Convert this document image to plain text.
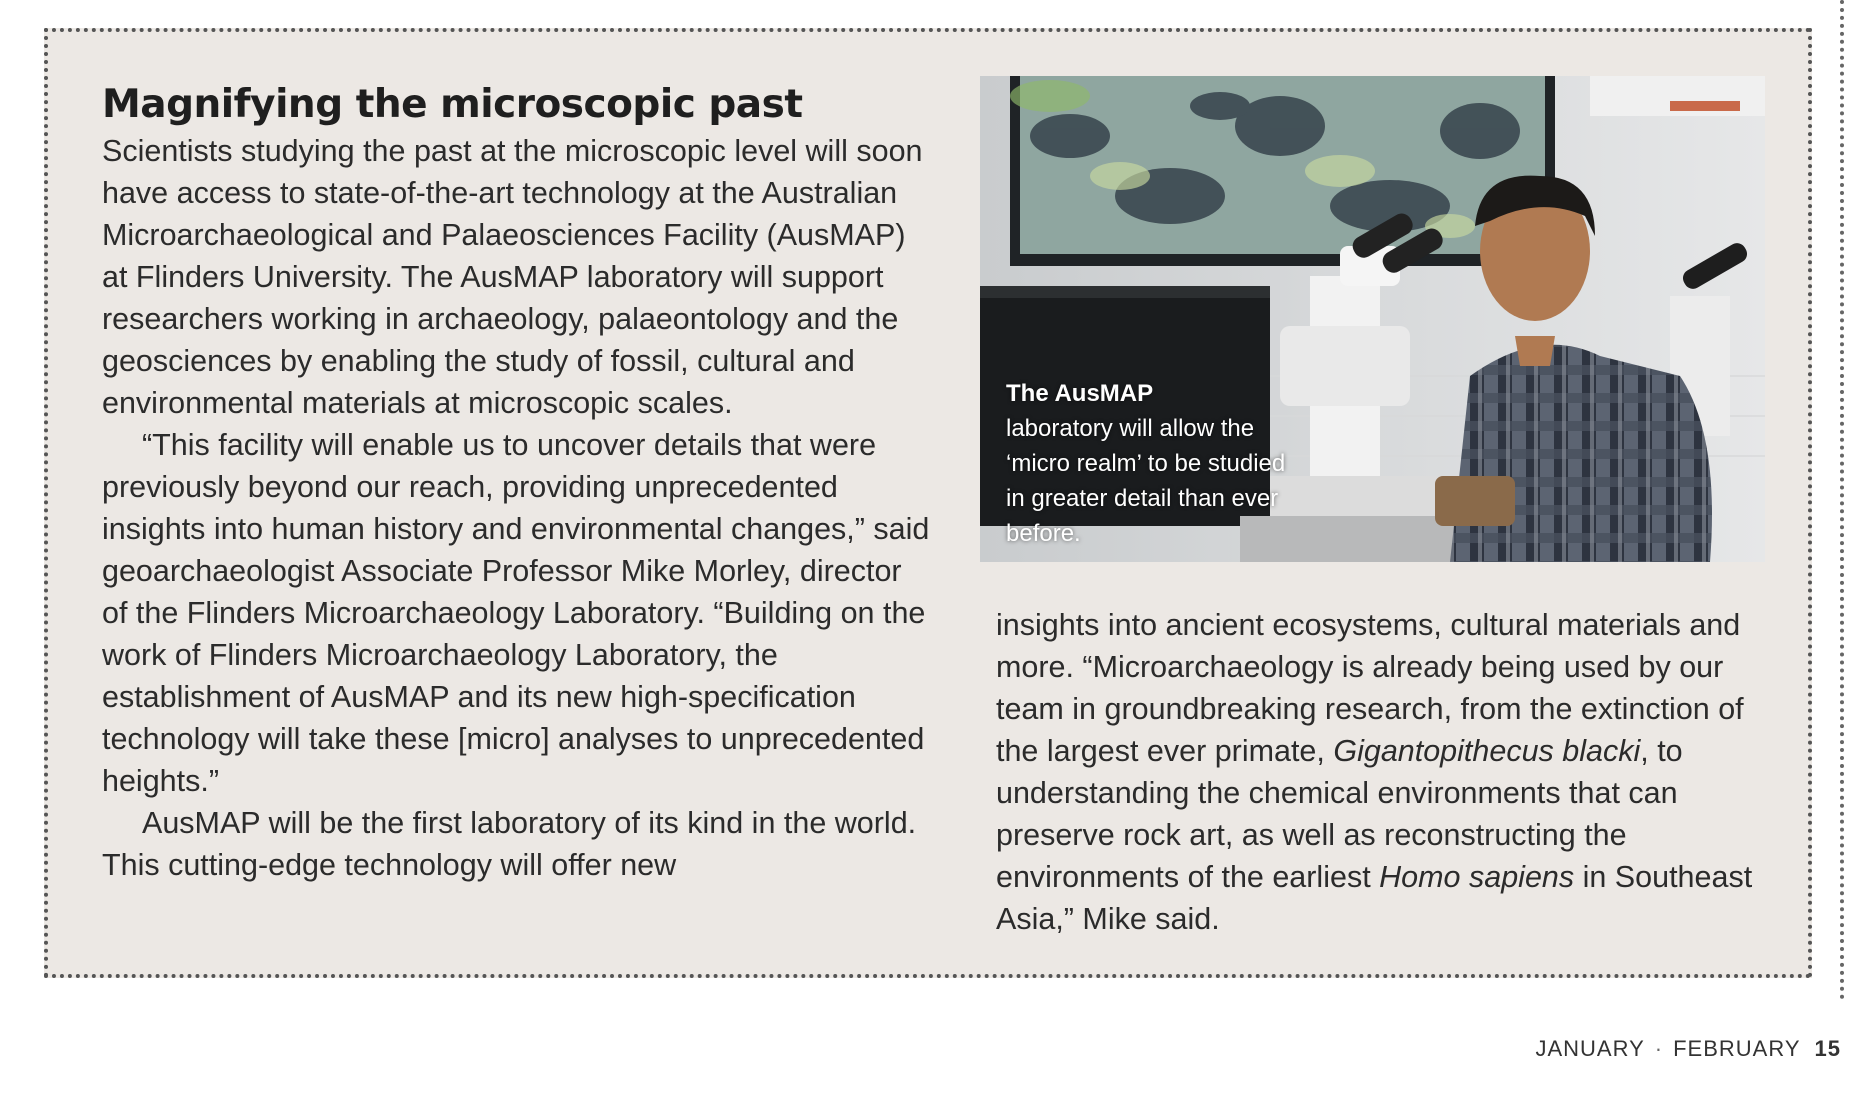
Magnifying the microscopic past

Scientists studying the past at the microscopic level will soon have access to state-of-the-art technology at the Australian Microarchaeological and Palaeosciences Facility (AusMAP) at Flinders University. The AusMAP laboratory will support researchers working in archaeology, palaeontology and the geosciences by enabling the study of fossil, cultural and environmental materials at microscopic scales.

“This facility will enable us to uncover details that were previously beyond our reach, providing unprecedented insights into human history and environmental changes,” said geoarchaeologist Associate Professor Mike Morley, director of the Flinders Microarchaeology Laboratory. “Building on the work of Flinders Microarchaeology Laboratory, the establishment of AusMAP and its new high-specification technology will take these [micro] analyses to unprecedented heights.”

AusMAP will be the first laboratory of its kind in the world. This cutting-edge technology will offer new

The AusMAP
laboratory will allow the ‘micro realm’ to be studied in greater detail than ever before.

insights into ancient ecosystems, cultural materials and more. “Microarchaeology is already being used by our team in groundbreaking research, from the extinction of the largest ever primate, Gigantopithecus blacki, to understanding the chemical environments that can preserve rock art, as well as reconstructing the environments of the earliest Homo sapiens in Southeast Asia,” Mike said.

JANUARY · FEBRUARY 15
